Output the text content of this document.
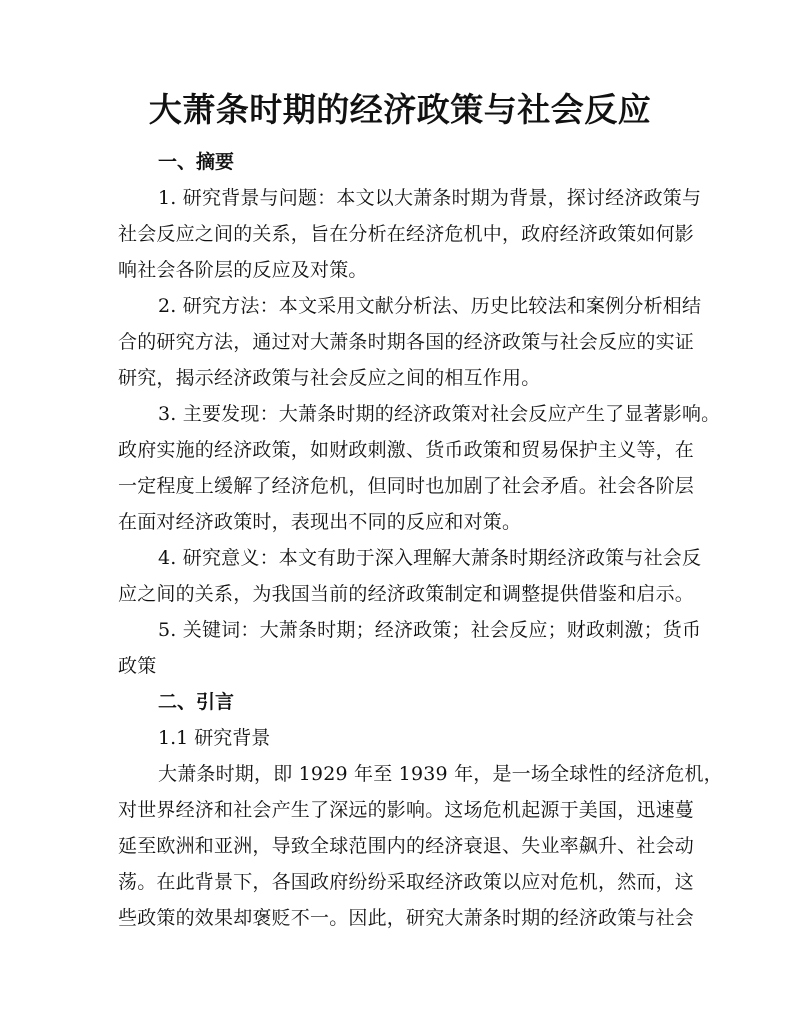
大萧条时期的经济政策与社会反应
一、摘要
1. 研究背景与问题：本文以大萧条时期为背景，探讨经济政策与
社会反应之间的关系，旨在分析在经济危机中，政府经济政策如何影
响社会各阶层的反应及对策。
2. 研究方法：本文采用文献分析法、历史比较法和案例分析相结
合的研究方法，通过对大萧条时期各国的经济政策与社会反应的实证
研究，揭示经济政策与社会反应之间的相互作用。
3. 主要发现：大萧条时期的经济政策对社会反应产生了显著影响。
政府实施的经济政策，如财政刺激、货币政策和贸易保护主义等，在
一定程度上缓解了经济危机，但同时也加剧了社会矛盾。社会各阶层
在面对经济政策时，表现出不同的反应和对策。
4. 研究意义：本文有助于深入理解大萧条时期经济政策与社会反
应之间的关系，为我国当前的经济政策制定和调整提供借鉴和启示。
5. 关键词：大萧条时期；经济政策；社会反应；财政刺激；货币
政策
二、引言
1.1 研究背景
大萧条时期，即 1929 年至 1939 年，是一场全球性的经济危机，
对世界经济和社会产生了深远的影响。这场危机起源于美国，迅速蔓
延至欧洲和亚洲，导致全球范围内的经济衰退、失业率飙升、社会动
荡。在此背景下，各国政府纷纷采取经济政策以应对危机，然而，这
些政策的效果却褒贬不一。因此，研究大萧条时期的经济政策与社会
